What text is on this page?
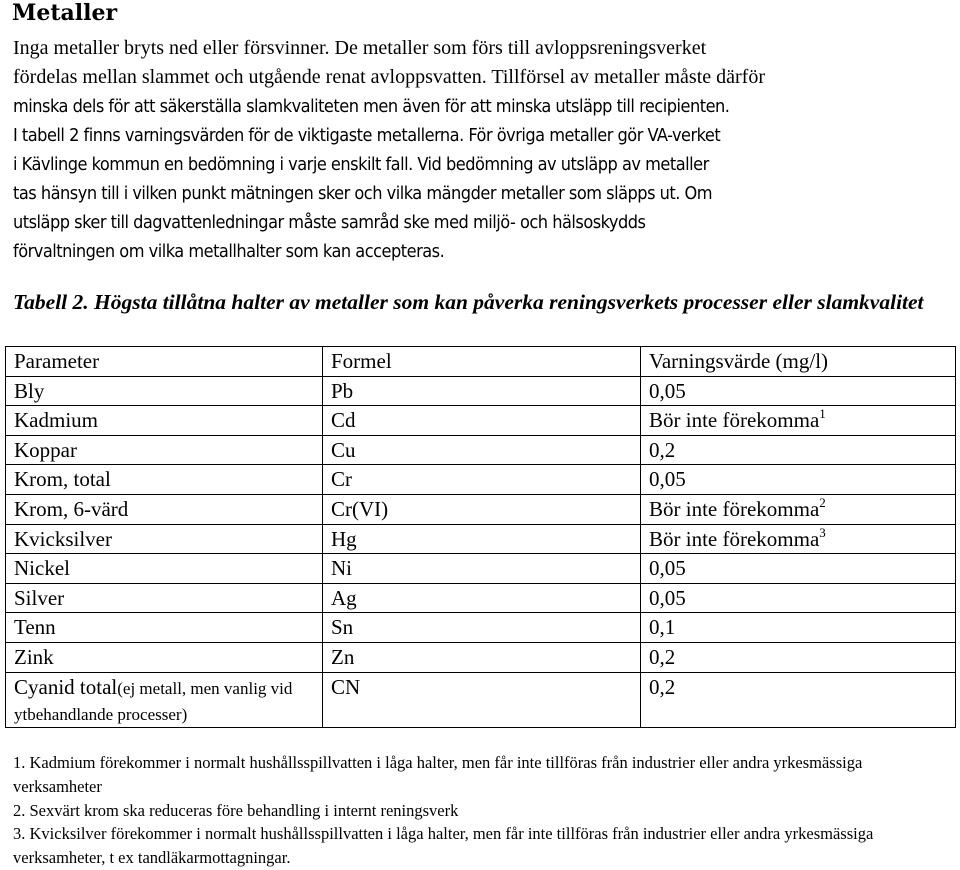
Metaller

Inga metaller bryts ned eller försvinner. De metaller som förs till avloppsreningsverket
fördelas mellan slammet och utgående renat avloppsvatten. Tillförsel av metaller måste därför
minska dels för att säkerställa slamkvaliteten men även för att minska utsläpp till recipienten.
I tabell 2 finns varningsvärden för de viktigaste metallerna. För övriga metaller gör VA-verket
i Kävlinge kommun en bedömning i varje enskilt fall. Vid bedömning av utsläpp av metaller
tas hänsyn till i vilken punkt mätningen sker och vilka mängder metaller som släpps ut. Om
utsläpp sker till dagvattenledningar måste samråd ske med miljö- och hälsoskydds
förvaltningen om vilka metallhalter som kan accepteras.

Tabell 2. Högsta tillåtna halter av metaller som kan påverka reningsverkets processer eller slamkvalitet

Parameter	Formel	Varningsvärde (mg/l)
Bly	Pb	0,05
Kadmium	Cd	Bör inte förekomma$^1$
Koppar	Cu	0,2
Krom, total	Cr	0,05
Krom, 6-värd	Cr(VI)	Bör inte förekomma$^2$
Kvicksilver	Hg	Bör inte förekomma$^3$
Nickel	Ni	0,05
Silver	Ag	0,05
Tenn	Sn	0,1
Zink	Zn	0,2
Cyanid total(ej metall, men vanlig vid ytbehandlande processer)	CN	0,2

1. Kadmium förekommer i normalt hushållsspillvatten i låga halter, men får inte tillföras från industrier eller andra yrkesmässiga verksamheter

2. Sexvärt krom ska reduceras före behandling i internt reningsverk

3. Kvicksilver förekommer i normalt hushållsspillvatten i låga halter, men får inte tillföras från industrier eller andra yrkesmässiga verksamheter, t ex tandläkarmottagningar.
